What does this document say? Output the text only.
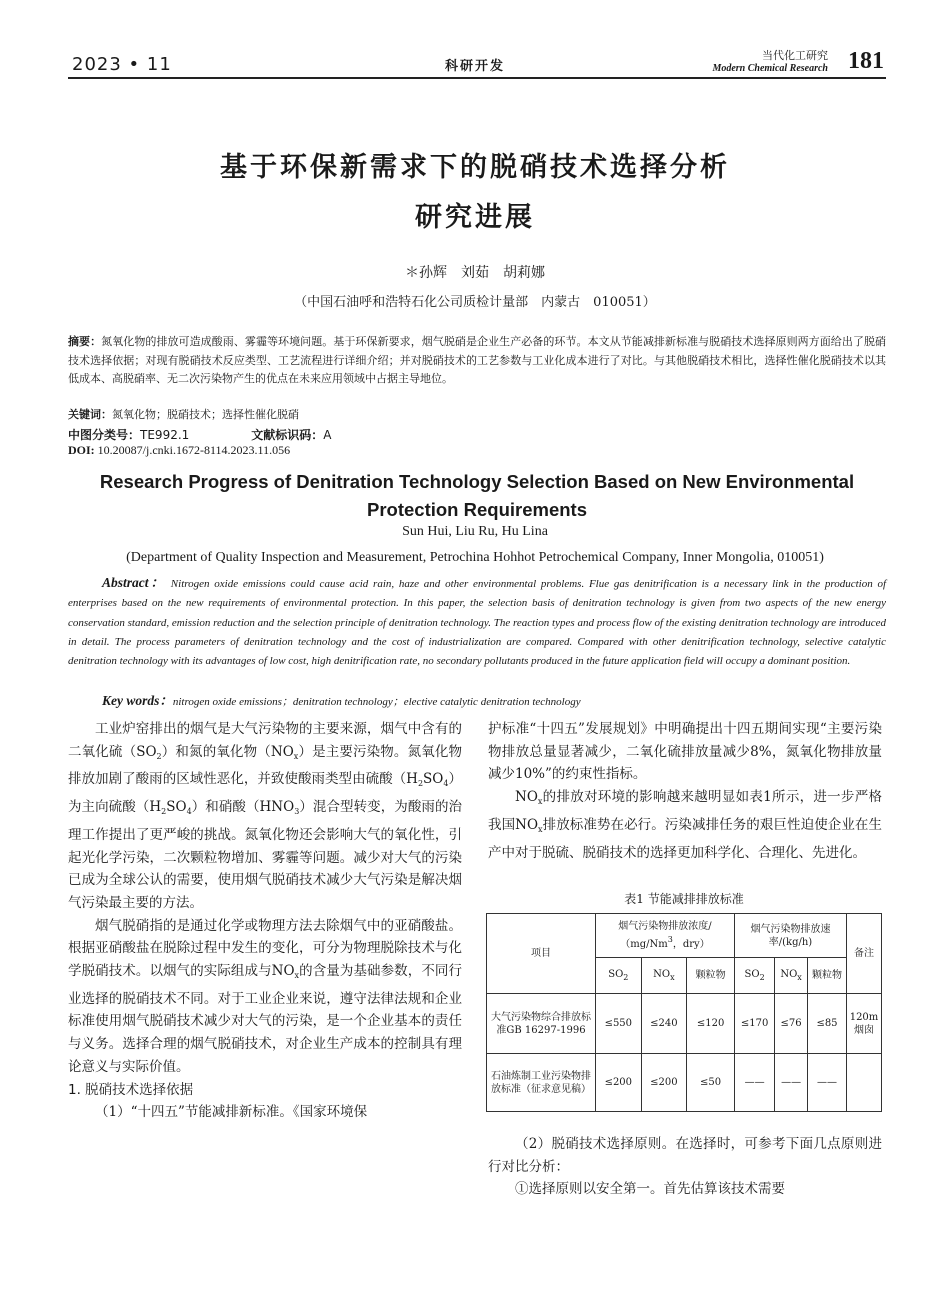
2023 • 11	科研开发
当代化工研究
Modern Chemical Research 181
基于环保新需求下的脱硝技术选择分析
研究进展
＊孙辉　刘茹　胡莉娜
（中国石油呼和浩特石化公司质检计量部　内蒙古　010051）
摘要：氮氧化物的排放可造成酸雨、雾霾等环境问题。基于环保新要求，烟气脱硝是企业生产必备的环节。本文从节能减排新标准与脱硝技术选择原则两方面给出了脱硝技术选择依据；对现有脱硝技术反应类型、工艺流程进行详细介绍；并对脱硝技术的工艺参数与工业化成本进行了对比。与其他脱硝技术相比，选择性催化脱硝技术以其低成本、高脱硝率、无二次污染物产生的优点在未来应用领域中占据主导地位。
关键词：氮氧化物；脱硝技术；选择性催化脱硝
中图分类号：TE992.1	文献标识码：A
DOI: 10.20087/j.cnki.1672-8114.2023.11.056
Research Progress of Denitration Technology Selection Based on New Environmental Protection Requirements
Sun Hui, Liu Ru, Hu Lina
(Department of Quality Inspection and Measurement, Petrochina Hohhot Petrochemical Company, Inner Mongolia, 010051)
Abstract： Nitrogen oxide emissions could cause acid rain, haze and other environmental problems. Flue gas denitrification is a necessary link in the production of enterprises based on the new requirements of environmental protection. In this paper, the selection basis of denitration technology is given from two aspects of the new energy conservation standard, emission reduction and the selection principle of denitration technology. The reaction types and process flow of the existing denitration technology are introduced in detail. The process parameters of denitration technology and the cost of industrialization are compared. Compared with other denitrification technology, selective catalytic denitration technology with its advantages of low cost, high denitrification rate, no secondary pollutants produced in the future application field will occupy a dominant position.
Key words：nitrogen oxide emissions；denitration technology；elective catalytic denitration technology

工业炉窑排出的烟气是大气污染物的主要来源，烟气中含有的二氧化硫$(SO_2)$和氮的氧化物$(NO_x)$是主要污染物。氮氧化物排放加剧了酸雨的区域性恶化，并致使酸雨类型由硫酸$(H_2SO_4)$为主向硫酸$(H_2SO_4)$和硝酸$(HNO_3)$混合型转变，为酸雨的治理工作提出了更严峻的挑战。氮氧化物还会影响大气的氧化性，引起光化学污染，二次颗粒物增加、雾霾等问题。减少对大气的污染已成为全球公认的需要，使用烟气脱硝技术减少大气污染是解决烟气污染最主要的方法。

烟气脱硝指的是通过化学或物理方法去除烟气中的亚硝酸盐。根据亚硝酸盐在脱除过程中发生的变化，可分为物理脱除技术与化学脱硝技术。以烟气的实际组成与$NO_x$的含量为基础参数，不同行业选择的脱硝技术不同。对于工业企业来说，遵守法律法规和企业标准使用烟气脱硝技术减少对大气的污染，是一个企业基本的责任与义务。选择合理的烟气脱硝技术，对企业生产成本的控制具有理论意义与实际价值。

1. 脱硝技术选择依据

（1）“十四五”节能减排新标准。《国家环境保

护标准“十四五”发展规划》中明确提出十四五期间实现“主要污染物排放总量显著减少，二氧化硫排放量减少8%，氮氧化物排放量减少10%”的约束性指标。

$NO_x$的排放对环境的影响越来越明显如表1所示，进一步严格我国$NO_x$排放标准势在必行。污染减排任务的艰巨性迫使企业在生产中对于脱硫、脱硝技术的选择更加科学化、合理化、先进化。

表1 节能减排排放标准
项目	烟气污染物排放浓度/（mg/Nm$^3$，dry）			烟气污染物排放速率/(kg/h)			备注
	$SO_2$	$NO_x$	颗粒物	$SO_2$	$NO_x$	颗粒物	
大气污染物综合排放标准GB 16297-1996	≤550	≤240	≤120	≤170	≤76	≤85	120m烟囱
石油炼制工业污染物排放标准（征求意见稿）	≤200	≤200	≤50	——	——	——	

（2）脱硝技术选择原则。在选择时，可参考下面几点原则进行对比分析：

①选择原则以安全第一。首先估算该技术需要
